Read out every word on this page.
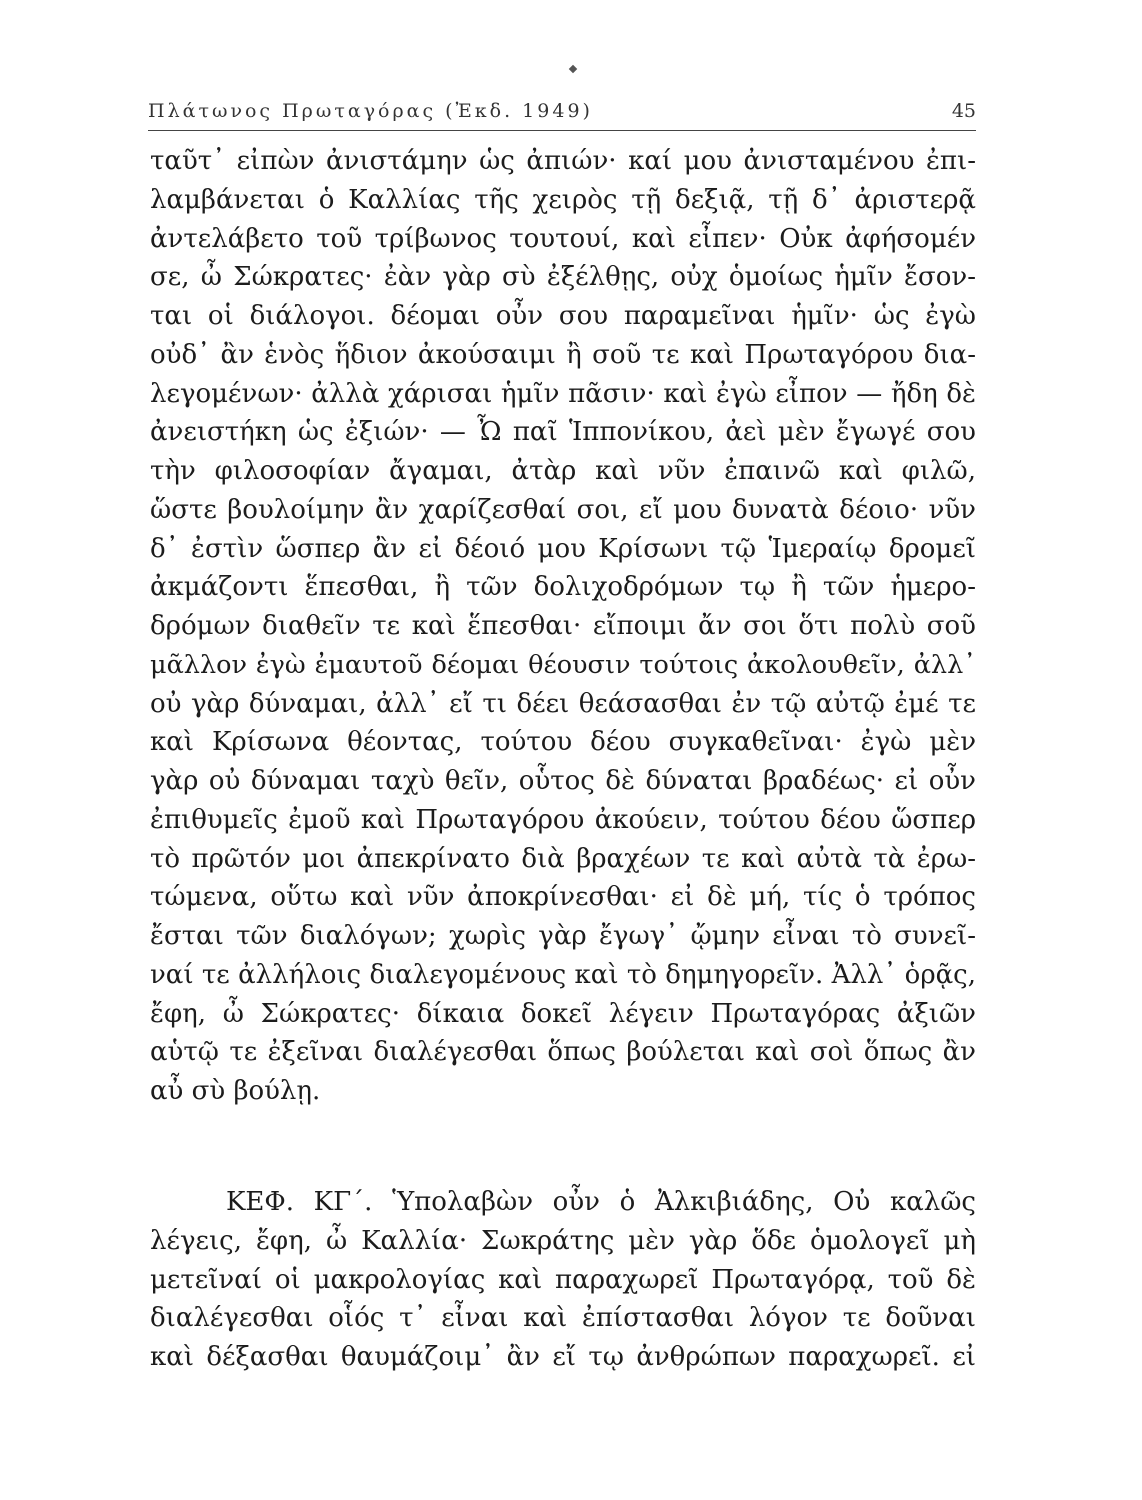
Πλάτωνος Πρωταγόρας (Ἐκδ. 1949)	45
ταῦτ᾽ εἰπὼν ἀνιστάμην ὡς ἀπιών· καί μου ἀνισταμένου ἐπι-
λαμβάνεται ὁ Καλλίας τῆς χειρὸς τῇ δεξιᾷ, τῇ δ᾽ ἀριστερᾷ
ἀντελάβετο τοῦ τρίβωνος τουτουί, καὶ εἶπεν· Οὐκ ἀφήσομέν
σε, ὦ Σώκρατες· ἐὰν γὰρ σὺ ἐξέλθῃς, οὐχ ὁμοίως ἡμῖν ἔσον-
ται οἱ διάλογοι. δέομαι οὖν σου παραμεῖναι ἡμῖν· ὡς ἐγὼ
οὐδ᾽ ἂν ἑνὸς ἥδιον ἀκούσαιμι ἢ σοῦ τε καὶ Πρωταγόρου δια-
λεγομένων· ἀλλὰ χάρισαι ἡμῖν πᾶσιν· καὶ ἐγὼ εἶπον — ἤδη δὲ
ἀνειστήκη ὡς ἐξιών· — Ὦ παῖ Ἱππονίκου, ἀεὶ μὲν ἔγωγέ σου
τὴν φιλοσοφίαν ἄγαμαι, ἀτὰρ καὶ νῦν ἐπαινῶ καὶ φιλῶ,
ὥστε βουλοίμην ἂν χαρίζεσθαί σοι, εἴ μου δυνατὰ δέοιο· νῦν
δ᾽ ἐστὶν ὥσπερ ἂν εἰ δέοιό μου Κρίσωνι τῷ Ἱμεραίῳ δρομεῖ
ἀκμάζοντι ἕπεσθαι, ἢ τῶν δολιχοδρόμων τῳ ἢ τῶν ἡμερο-
δρόμων διαθεῖν τε καὶ ἕπεσθαι· εἴποιμι ἄν σοι ὅτι πολὺ σοῦ
μᾶλλον ἐγὼ ἐμαυτοῦ δέομαι θέουσιν τούτοις ἀκολουθεῖν, ἀλλ᾽
οὐ γὰρ δύναμαι, ἀλλ᾽ εἴ τι δέει θεάσασθαι ἐν τῷ αὐτῷ ἐμέ τε
καὶ Κρίσωνα θέοντας, τούτου δέου συγκαθεῖναι· ἐγὼ μὲν
γὰρ οὐ δύναμαι ταχὺ θεῖν, οὗτος δὲ δύναται βραδέως· εἰ οὖν
ἐπιθυμεῖς ἐμοῦ καὶ Πρωταγόρου ἀκούειν, τούτου δέου ὥσπερ
τὸ πρῶτόν μοι ἀπεκρίνατο διὰ βραχέων τε καὶ αὐτὰ τὰ ἐρω-
τώμενα, οὕτω καὶ νῦν ἀποκρίνεσθαι· εἰ δὲ μή, τίς ὁ τρόπος
ἔσται τῶν διαλόγων; χωρὶς γὰρ ἔγωγ᾽ ᾤμην εἶναι τὸ συνεῖ-
ναί τε ἀλλήλοις διαλεγομένους καὶ τὸ δημηγορεῖν. Ἀλλ᾽ ὁρᾷς,
ἔφη, ὦ Σώκρατες· δίκαια δοκεῖ λέγειν Πρωταγόρας ἀξιῶν
αὑτῷ τε ἐξεῖναι διαλέγεσθαι ὅπως βούλεται καὶ σοὶ ὅπως ἂν
αὖ σὺ βούλῃ.
ΚΕΦ. ΚΓ΄. Ὑπολαβὼν οὖν ὁ Ἀλκιβιάδης, Οὐ καλῶς
λέγεις, ἔφη, ὦ Καλλία· Σωκράτης μὲν γὰρ ὅδε ὁμολογεῖ μὴ
μετεῖναί οἱ μακρολογίας καὶ παραχωρεῖ Πρωταγόρᾳ, τοῦ δὲ
διαλέγεσθαι οἷός τ᾽ εἶναι καὶ ἐπίστασθαι λόγον τε δοῦναι
καὶ δέξασθαι θαυμάζοιμ᾽ ἂν εἴ τῳ ἀνθρώπων παραχωρεῖ. εἰ
